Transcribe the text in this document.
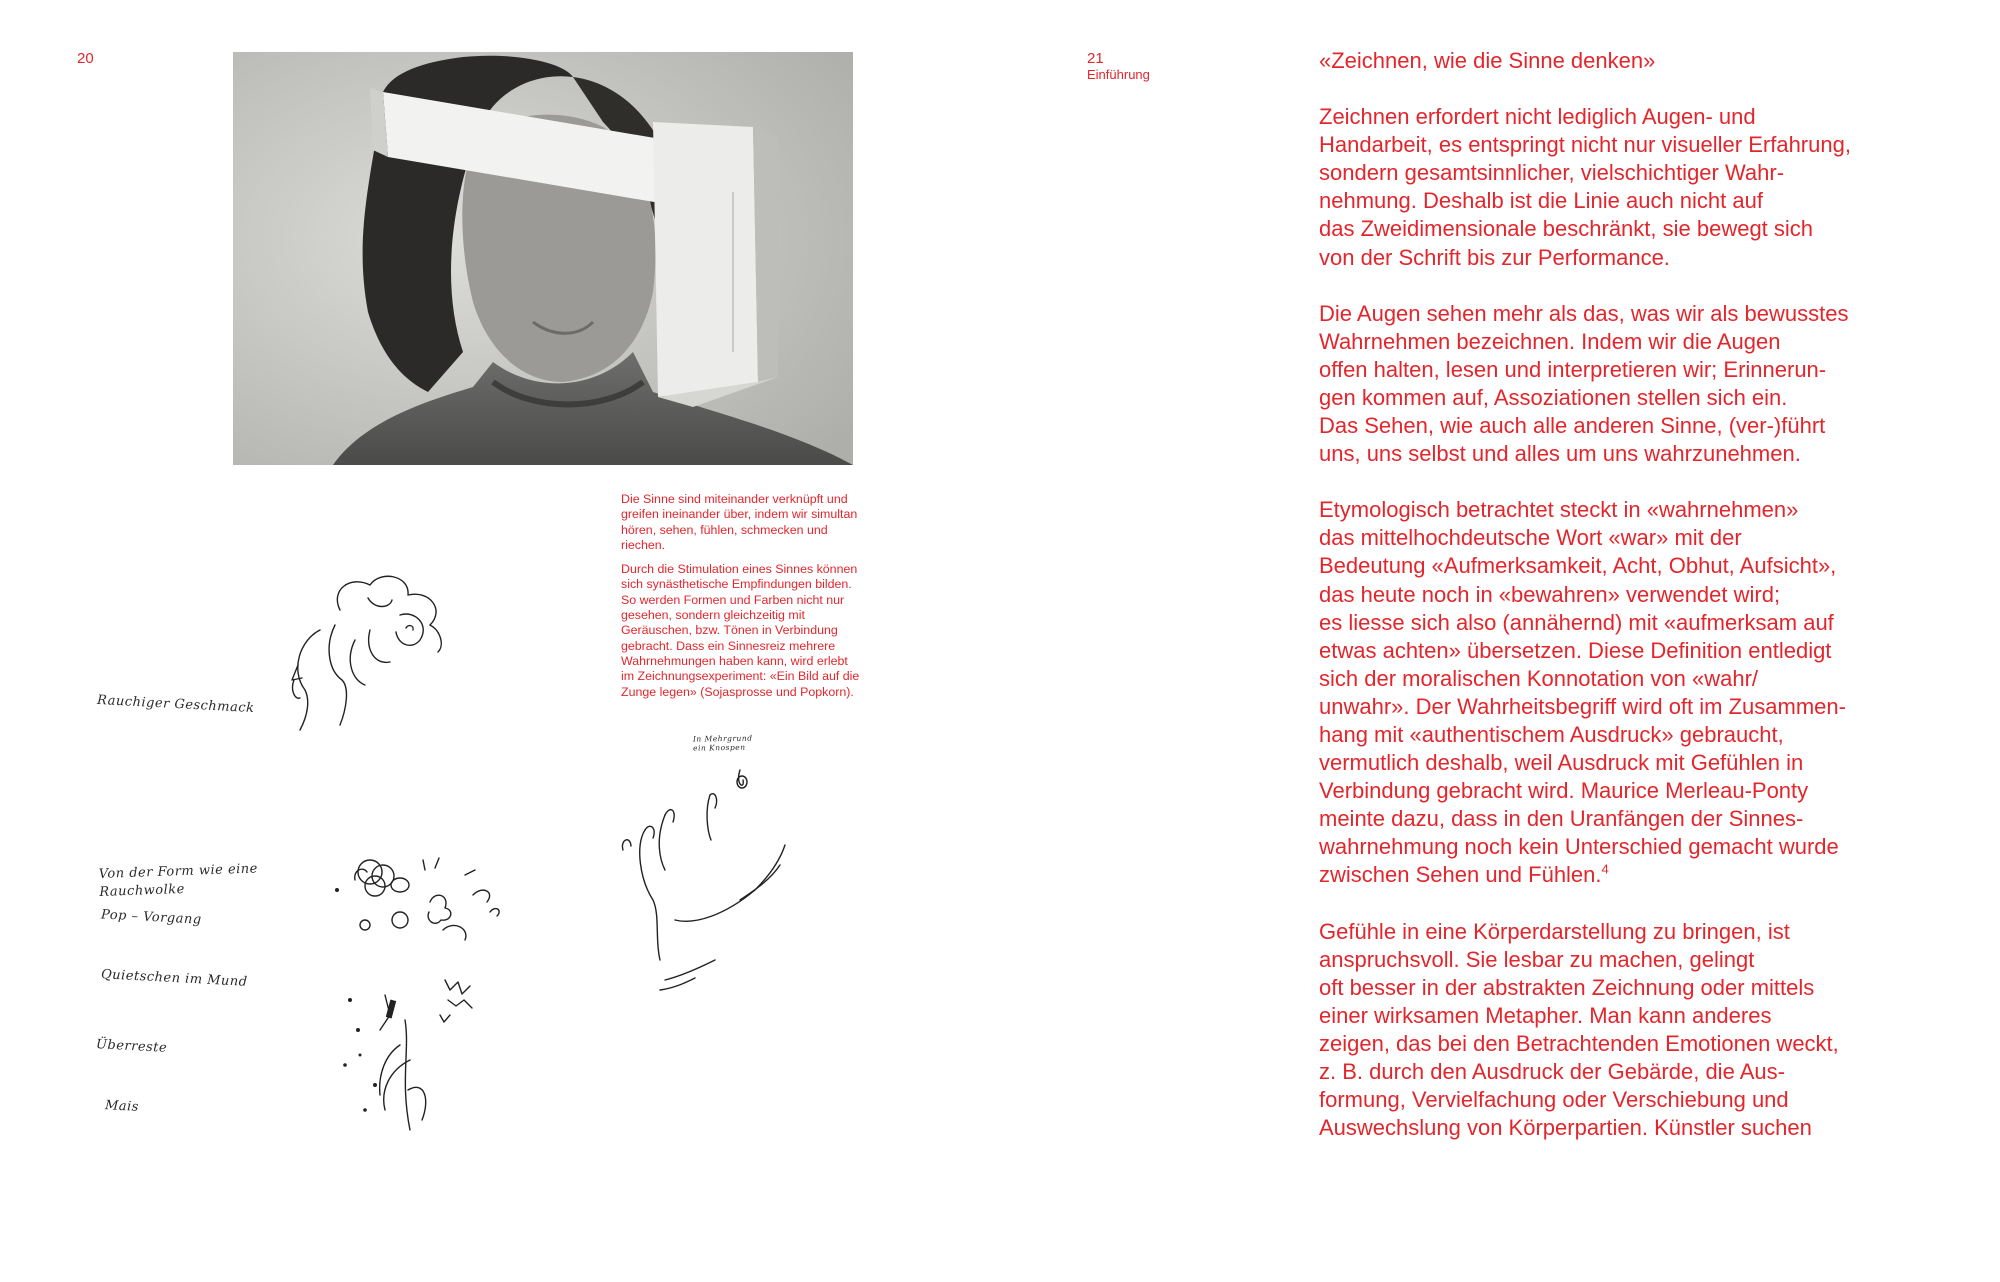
20	21
Einführung

Die Sinne sind miteinander verknüpft und greifen ineinander über, indem wir simultan hören, sehen, fühlen, schmecken und riechen.

Durch die Stimulation eines Sinnes können sich synästhetische Empfindungen bilden. So werden Formen und Farben nicht nur gesehen, sondern gleichzeitig mit Geräuschen, bzw. Tönen in Verbindung gebracht. Dass ein Sinnesreiz mehrere Wahrnehmungen haben kann, wird erlebt im Zeichnungsexperiment: «Ein Bild auf die Zunge legen» (Sojasprosse und Popkorn).

Rauchiger Geschmack
Von der Form wie eine Rauchwolke
Pop – Vorgang
Quietschen im Mund
Überreste
Mais
In Mehrgrund ein Knospen
«Zeichnen, wie die Sinne denken»

Zeichnen erfordert nicht lediglich Augen- und
Handarbeit, es entspringt nicht nur visueller Erfahrung,
sondern gesamtsinnlicher, vielschichtiger Wahr-
nehmung. Deshalb ist die Linie auch nicht auf
das Zweidimensionale beschränkt, sie bewegt sich
von der Schrift bis zur Performance.

Die Augen sehen mehr als das, was wir als bewusstes
Wahrnehmen bezeichnen. Indem wir die Augen
offen halten, lesen und interpretieren wir; Erinnerun-
gen kommen auf, Assoziationen stellen sich ein.
Das Sehen, wie auch alle anderen Sinne, (ver-)führt
uns, uns selbst und alles um uns wahrzunehmen.

Etymologisch betrachtet steckt in «wahrnehmen»
das mittelhochdeutsche Wort «war» mit der
Bedeutung «Aufmerksamkeit, Acht, Obhut, Aufsicht»,
das heute noch in «bewahren» verwendet wird;
es liesse sich also (annähernd) mit «aufmerksam auf
etwas achten» übersetzen. Diese Definition entledigt
sich der moralischen Konnotation von «wahr/
unwahr». Der Wahrheitsbegriff wird oft im Zusammen-
hang mit «authentischem Ausdruck» gebraucht,
vermutlich deshalb, weil Ausdruck mit Gefühlen in
Verbindung gebracht wird. Maurice Merleau-Ponty
meinte dazu, dass in den Uranfängen der Sinnes-
wahrnehmung noch kein Unterschied gemacht wurde
zwischen Sehen und Fühlen.$^4$

Gefühle in eine Körperdarstellung zu bringen, ist
anspruchsvoll. Sie lesbar zu machen, gelingt
oft besser in der abstrakten Zeichnung oder mittels
einer wirksamen Metapher. Man kann anderes
zeigen, das bei den Betrachtenden Emotionen weckt,
z. B. durch den Ausdruck der Gebärde, die Aus-
formung, Vervielfachung oder Verschiebung und
Auswechslung von Körperpartien. Künstler suchen
